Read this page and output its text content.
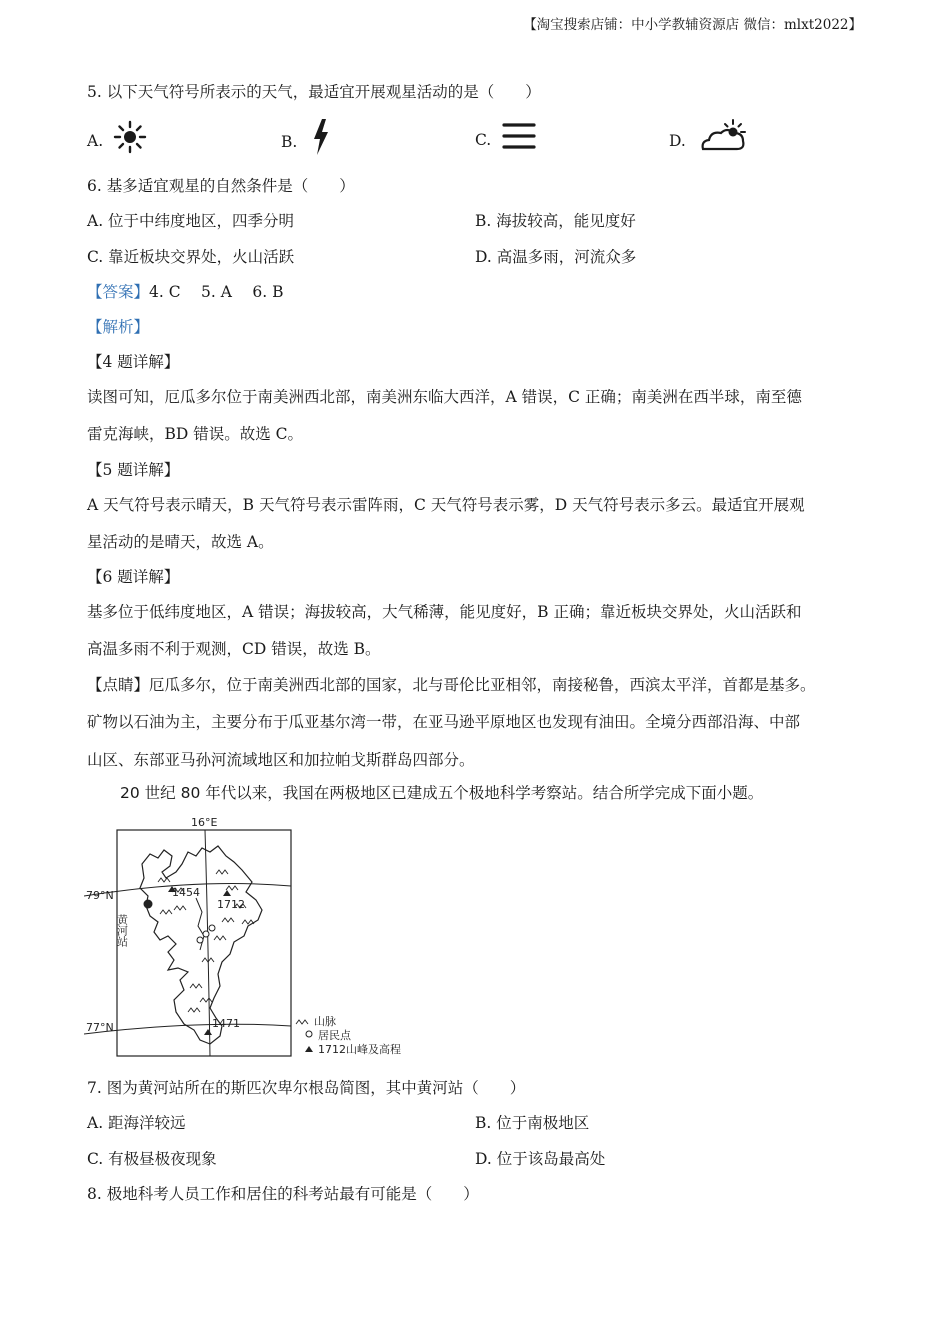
【淘宝搜索店铺：中小学教辅资源店 微信：mlxt2022】
5. 以下天气符号所表示的天气，最适宜开展观星活动的是（　　）
A.	B.	C.	D.
6. 基多适宜观星的自然条件是（　　）
A. 位于中纬度地区，四季分明	B. 海拔较高，能见度好
C. 靠近板块交界处，火山活跃	D. 高温多雨，河流众多
【答案】4. C　 5. A　 6. B
【解析】
【4 题详解】
读图可知，厄瓜多尔位于南美洲西北部，南美洲东临大西洋，A 错误，C 正确；南美洲在西半球，南至德
雷克海峡，BD 错误。故选 C。
【5 题详解】
A 天气符号表示晴天，B 天气符号表示雷阵雨，C 天气符号表示雾，D 天气符号表示多云。最适宜开展观
星活动的是晴天，故选 A。
【6 题详解】
基多位于低纬度地区，A 错误；海拔较高，大气稀薄，能见度好，B 正确；靠近板块交界处，火山活跃和
高温多雨不利于观测，CD 错误，故选 B。
【点睛】厄瓜多尔，位于南美洲西北部的国家，北与哥伦比亚相邻，南接秘鲁，西滨太平洋，首都是基多。
矿物以石油为主，主要分布于瓜亚基尔湾一带，在亚马逊平原地区也发现有油田。全境分西部沿海、中部
山区、东部亚马孙河流域地区和加拉帕戈斯群岛四部分。
20 世纪 80 年代以来，我国在两极地区已建成五个极地科学考察站。结合所学完成下面小题。
16°E
79°N
77°N
1454
1712
1471
黄河站
山脉
居民点
1712山峰及高程
7. 图为黄河站所在的斯匹次卑尔根岛简图，其中黄河站（　　）
A. 距海洋较远	B. 位于南极地区
C. 有极昼极夜现象	D. 位于该岛最高处
8. 极地科考人员工作和居住的科考站最有可能是（　　）
